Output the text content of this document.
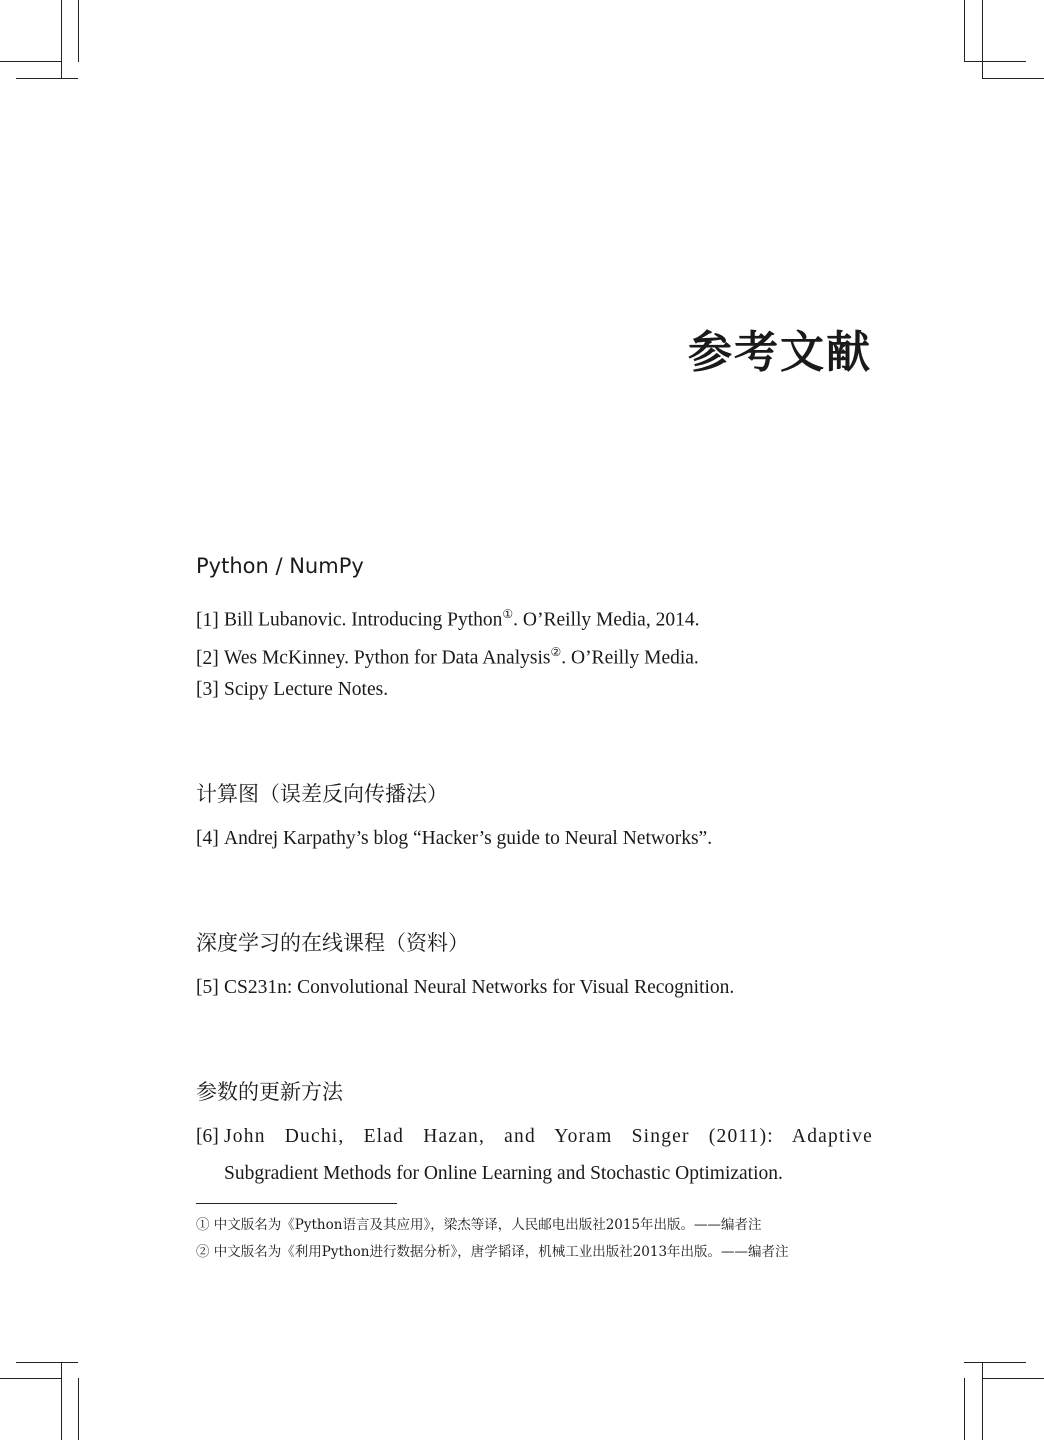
参考文献
Python / NumPy
[1] Bill Lubanovic. Introducing Python①. O’Reilly Media, 2014.
[2] Wes McKinney. Python for Data Analysis②. O’Reilly Media.
[3] Scipy Lecture Notes.
计算图（误差反向传播法）
[4] Andrej Karpathy’s blog “Hacker’s guide to Neural Networks”.
深度学习的在线课程（资料）
[5] CS231n: Convolutional Neural Networks for Visual Recognition.
参数的更新方法
[6] John Duchi, Elad Hazan, and Yoram Singer (2011): Adaptive
Subgradient Methods for Online Learning and Stochastic Optimization.
① 中文版名为《Python语言及其应用》，梁杰等译，人民邮电出版社2015年出版。——编者注
② 中文版名为《利用Python进行数据分析》，唐学韬译，机械工业出版社2013年出版。——编者注
